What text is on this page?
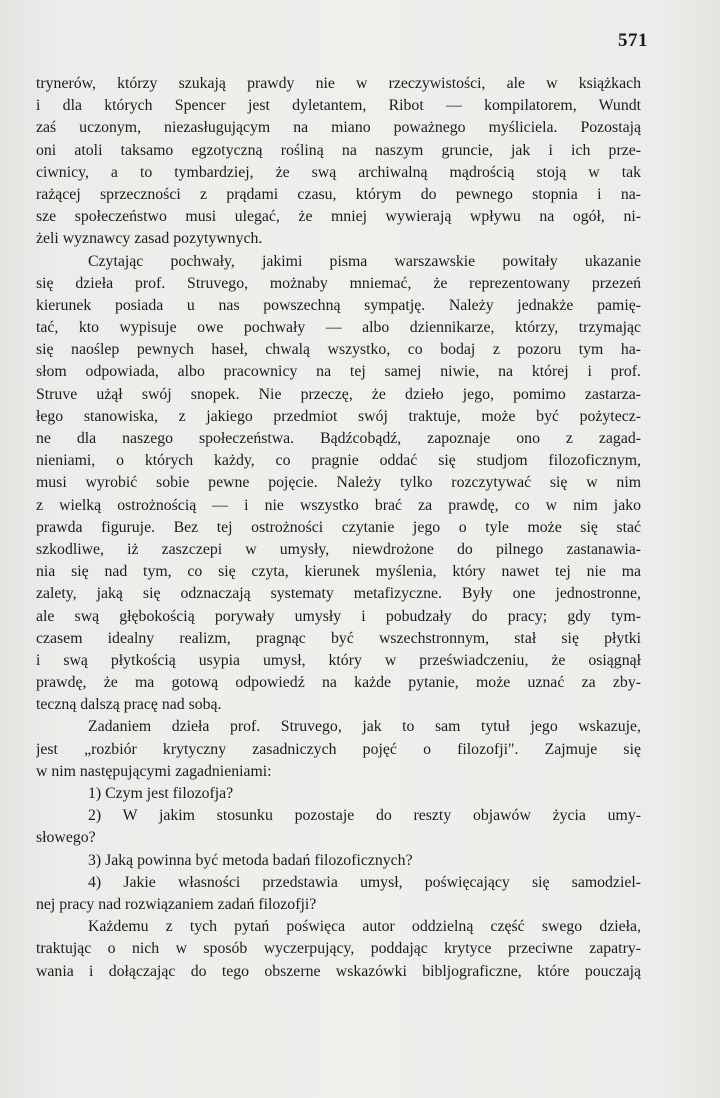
571
trynerów, którzy szukają prawdy nie w rzeczywistości, ale w książkach
i dla których Spencer jest dyletantem, Ribot — kompilatorem, Wundt
zaś uczonym, niezasługującym na miano poważnego myśliciela. Pozostają
oni atoli taksamo egzotyczną rośliną na naszym gruncie, jak i ich prze-
ciwnicy, a to tymbardziej, że swą archiwalną mądrością stoją w tak
rażącej sprzeczności z prądami czasu, którym do pewnego stopnia i na-
sze społeczeństwo musi ulegać, że mniej wywierają wpływu na ogół, ni-
żeli wyznawcy zasad pozytywnych.
Czytając pochwały, jakimi pisma warszawskie powitały ukazanie
się dzieła prof. Struvego, możnaby mniemać, że reprezentowany przezeń
kierunek posiada u nas powszechną sympatję. Należy jednakże pamię-
tać, kto wypisuje owe pochwały — albo dziennikarze, którzy, trzymając
się naoślep pewnych haseł, chwalą wszystko, co bodaj z pozoru tym ha-
słom odpowiada, albo pracownicy na tej samej niwie, na której i prof.
Struve użął swój snopek. Nie przeczę, że dzieło jego, pomimo zastarza-
łego stanowiska, z jakiego przedmiot swój traktuje, może być pożytecz-
ne dla naszego społeczeństwa. Bądźcobądź, zapoznaje ono z zagad-
nieniami, o których każdy, co pragnie oddać się studjom filozoficznym,
musi wyrobić sobie pewne pojęcie. Należy tylko rozczytywać się w nim
z wielką ostrożnością — i nie wszystko brać za prawdę, co w nim jako
prawda figuruje. Bez tej ostrożności czytanie jego o tyle może się stać
szkodliwe, iż zaszczepi w umysły, niewdrożone do pilnego zastanawia-
nia się nad tym, co się czyta, kierunek myślenia, który nawet tej nie ma
zalety, jaką się odznaczają systematy metafizyczne. Były one jednostronne,
ale swą głębokością porywały umysły i pobudzały do pracy; gdy tym-
czasem idealny realizm, pragnąc być wszechstronnym, stał się płytki
i swą płytkością usypia umysł, który w przeświadczeniu, że osiągnął
prawdę, że ma gotową odpowiedź na każde pytanie, może uznać za zby-
teczną dalszą pracę nad sobą.
Zadaniem dzieła prof. Struvego, jak to sam tytuł jego wskazuje,
jest „rozbiór krytyczny zasadniczych pojęć o filozofji". Zajmuje się
w nim następującymi zagadnieniami:
1) Czym jest filozofja?
2) W jakim stosunku pozostaje do reszty objawów życia umy-
słowego?
3) Jaką powinna być metoda badań filozoficznych?
4) Jakie własności przedstawia umysł, poświęcający się samodziel-
nej pracy nad rozwiązaniem zadań filozofji?
Każdemu z tych pytań poświęca autor oddzielną część swego dzieła,
traktując o nich w sposób wyczerpujący, poddając krytyce przeciwne zapatry-
wania i dołączając do tego obszerne wskazówki bibljograficzne, które pouczają
